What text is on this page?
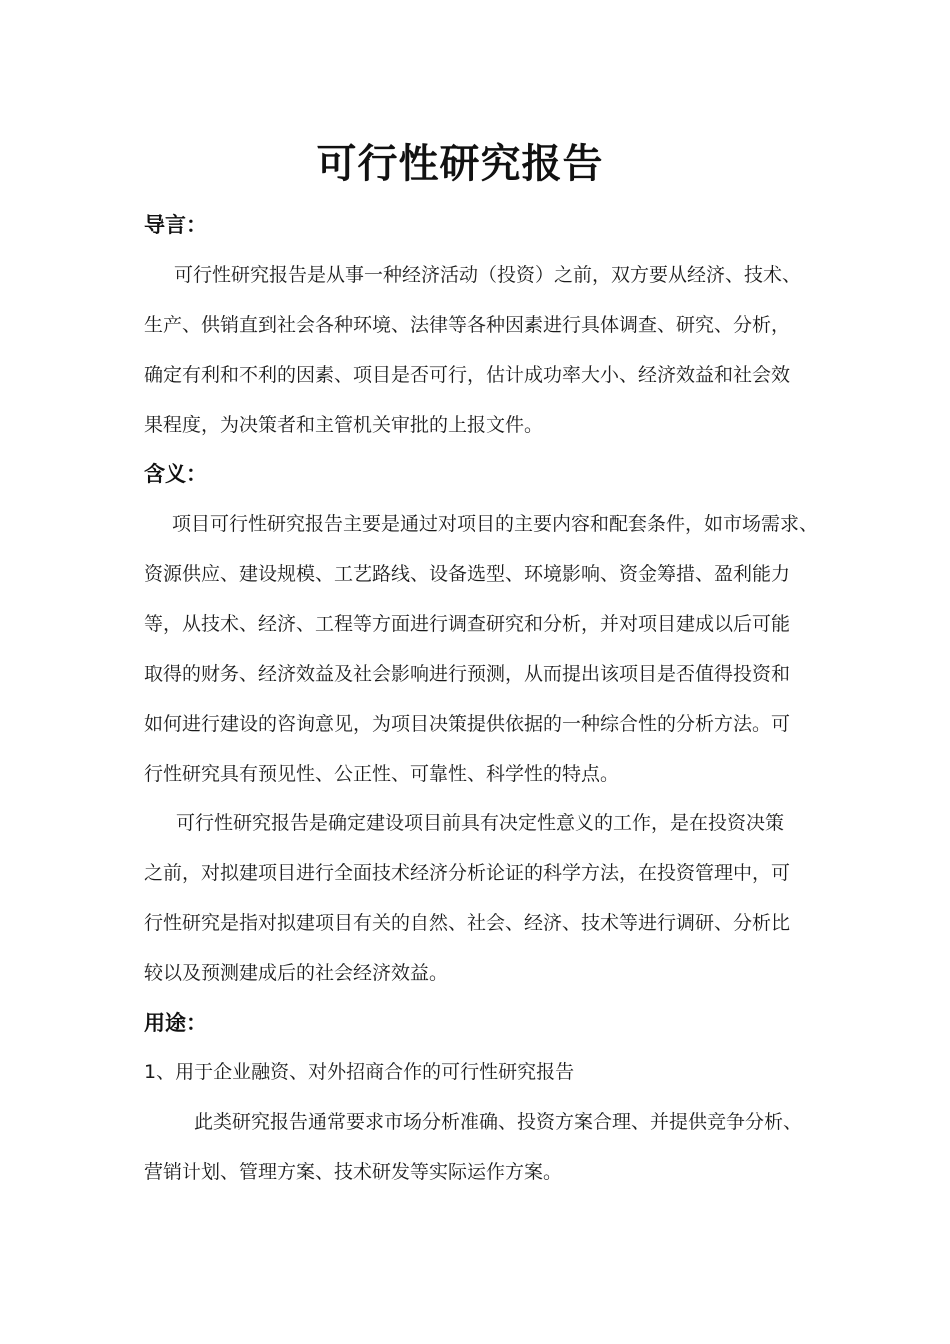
可行性研究报告
导言：
可行性研究报告是从事一种经济活动（投资）之前，双方要从经济、技术、
生产、供销直到社会各种环境、法律等各种因素进行具体调查、研究、分析，
确定有利和不利的因素、项目是否可行，估计成功率大小、经济效益和社会效
果程度，为决策者和主管机关审批的上报文件。
含义：
项目可行性研究报告主要是通过对项目的主要内容和配套条件，如市场需求、
资源供应、建设规模、工艺路线、设备选型、环境影响、资金筹措、盈利能力
等，从技术、经济、工程等方面进行调查研究和分析，并对项目建成以后可能
取得的财务、经济效益及社会影响进行预测，从而提出该项目是否值得投资和
如何进行建设的咨询意见，为项目决策提供依据的一种综合性的分析方法。可
行性研究具有预见性、公正性、可靠性、科学性的特点。
可行性研究报告是确定建设项目前具有决定性意义的工作，是在投资决策
之前，对拟建项目进行全面技术经济分析论证的科学方法，在投资管理中，可
行性研究是指对拟建项目有关的自然、社会、经济、技术等进行调研、分析比
较以及预测建成后的社会经济效益。
用途：
1、用于企业融资、对外招商合作的可行性研究报告
此类研究报告通常要求市场分析准确、投资方案合理、并提供竞争分析、
营销计划、管理方案、技术研发等实际运作方案。
